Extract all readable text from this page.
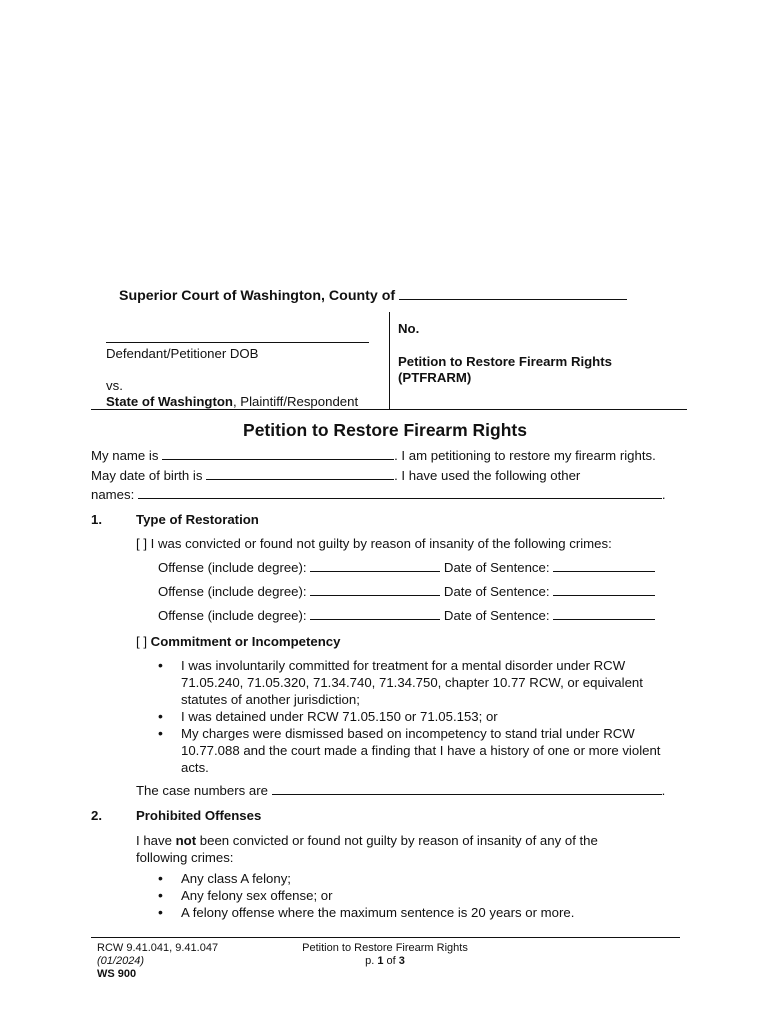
Superior Court of Washington, County of
Defendant/Petitioner DOB
vs.
State of Washington, Plaintiff/Respondent
No.
Petition to Restore Firearm Rights
(PTFRARM)
Petition to Restore Firearm Rights
My name is	. I am petitioning to restore my firearm rights.
May date of birth is	. I have used the following other
names:	.
1.	Type of Restoration
[ ] I was convicted or found not guilty by reason of insanity of the following crimes:
Offense (include degree):	Date of Sentence:
Offense (include degree):	Date of Sentence:
Offense (include degree):	Date of Sentence:
[ ] Commitment or Incompetency
• I was involuntarily committed for treatment for a mental disorder under RCW 71.05.240, 71.05.320, 71.34.740, 71.34.750, chapter 10.77 RCW, or equivalent statutes of another jurisdiction;
• I was detained under RCW 71.05.150 or 71.05.153; or
• My charges were dismissed based on incompetency to stand trial under RCW 10.77.088 and the court made a finding that I have a history of one or more violent acts.
The case numbers are	.
2.	Prohibited Offenses
I have not been convicted or found not guilty by reason of insanity of any of the following crimes:
• Any class A felony;
• Any felony sex offense; or
• A felony offense where the maximum sentence is 20 years or more.
RCW 9.41.041, 9.41.047
(01/2024)
WS 900
Petition to Restore Firearm Rights
p. 1 of 3
